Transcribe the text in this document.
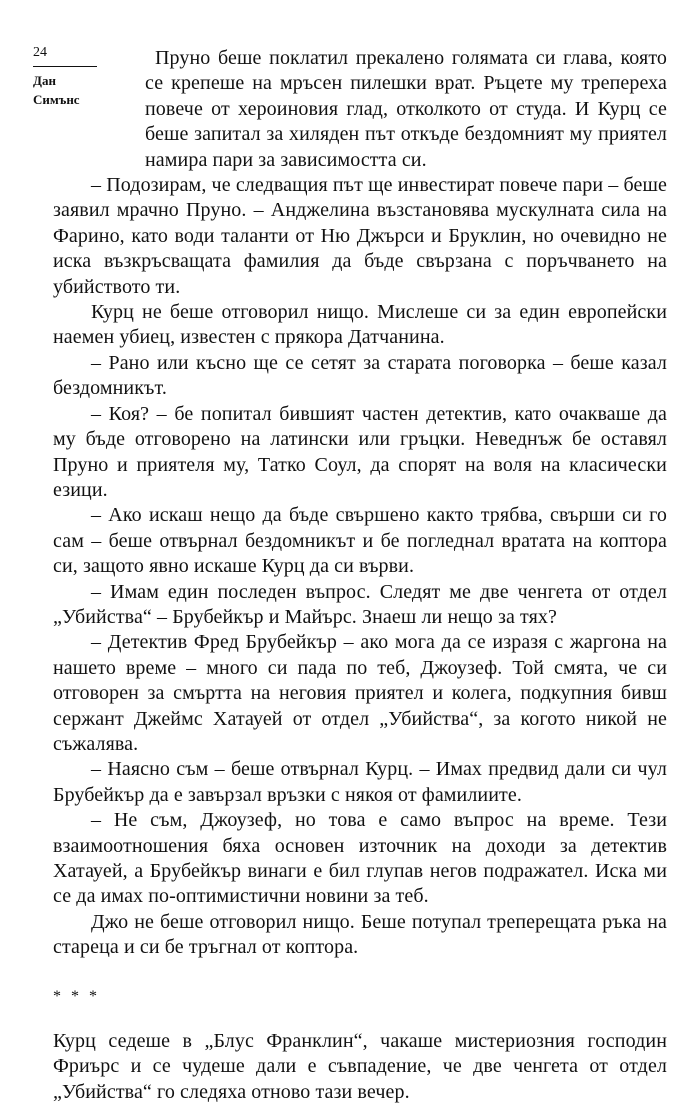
24
Дан
Симънс

Пруно беше поклатил прекалено голямата си глава, която се крепеше на мръсен пилешки врат. Ръцете му трепереха повече от хероиновия глад, отколкото от студа. И Курц се беше запитал за хиляден път откъде бездомният му приятел намира пари за зависимостта си.

– Подозирам, че следващия път ще инвестират повече пари – беше заявил мрачно Пруно. – Анджелина възстановява мускулната сила на Фарино, като води таланти от Ню Джърси и Бруклин, но очевидно не иска възкръсващата фамилия да бъде свързана с поръчването на убийството ти.

Курц не беше отговорил нищо. Мислеше си за един европейски наемен убиец, известен с прякора Датчанина.

– Рано или късно ще се сетят за старата поговорка – беше казал бездомникът.

– Коя? – бе попитал бившият частен детектив, като очакваше да му бъде отговорено на латински или гръцки. Неведнъж бе оставял Пруно и приятеля му, Татко Соул, да спорят на воля на класически езици.

– Ако искаш нещо да бъде свършено както трябва, свърши си го сам – беше отвърнал бездомникът и бе погледнал вратата на коптора си, защото явно искаше Курц да си върви.

– Имам един последен въпрос. Следят ме две ченгета от отдел „Убийства“ – Брубейкър и Майърс. Знаеш ли нещо за тях?

– Детектив Фред Брубейкър – ако мога да се изразя с жаргона на нашето време – много си пада по теб, Джоузеф. Той смята, че си отговорен за смъртта на неговия приятел и колега, подкупния бивш сержант Джеймс Хатауей от отдел „Убийства“, за когото никой не съжалява.

– Наясно съм – беше отвърнал Курц. – Имах предвид дали си чул Брубейкър да е завързал връзки с някоя от фамилиите.

– Не съм, Джоузеф, но това е само въпрос на време. Тези взаимоотношения бяха основен източник на доходи за детектив Хатауей, а Брубейкър винаги е бил глупав негов подражател. Иска ми се да имах по-оптимистични новини за теб.

Джо не беше отговорил нищо. Беше потупал треперещата ръка на стареца и си бе тръгнал от коптора.

* * *

Курц седеше в „Блус Франклин“, чакаше мистериозния господин Фриърс и се чудеше дали е съвпадение, че две ченгета от отдел „Убийства“ го следяха отново тази вечер.
